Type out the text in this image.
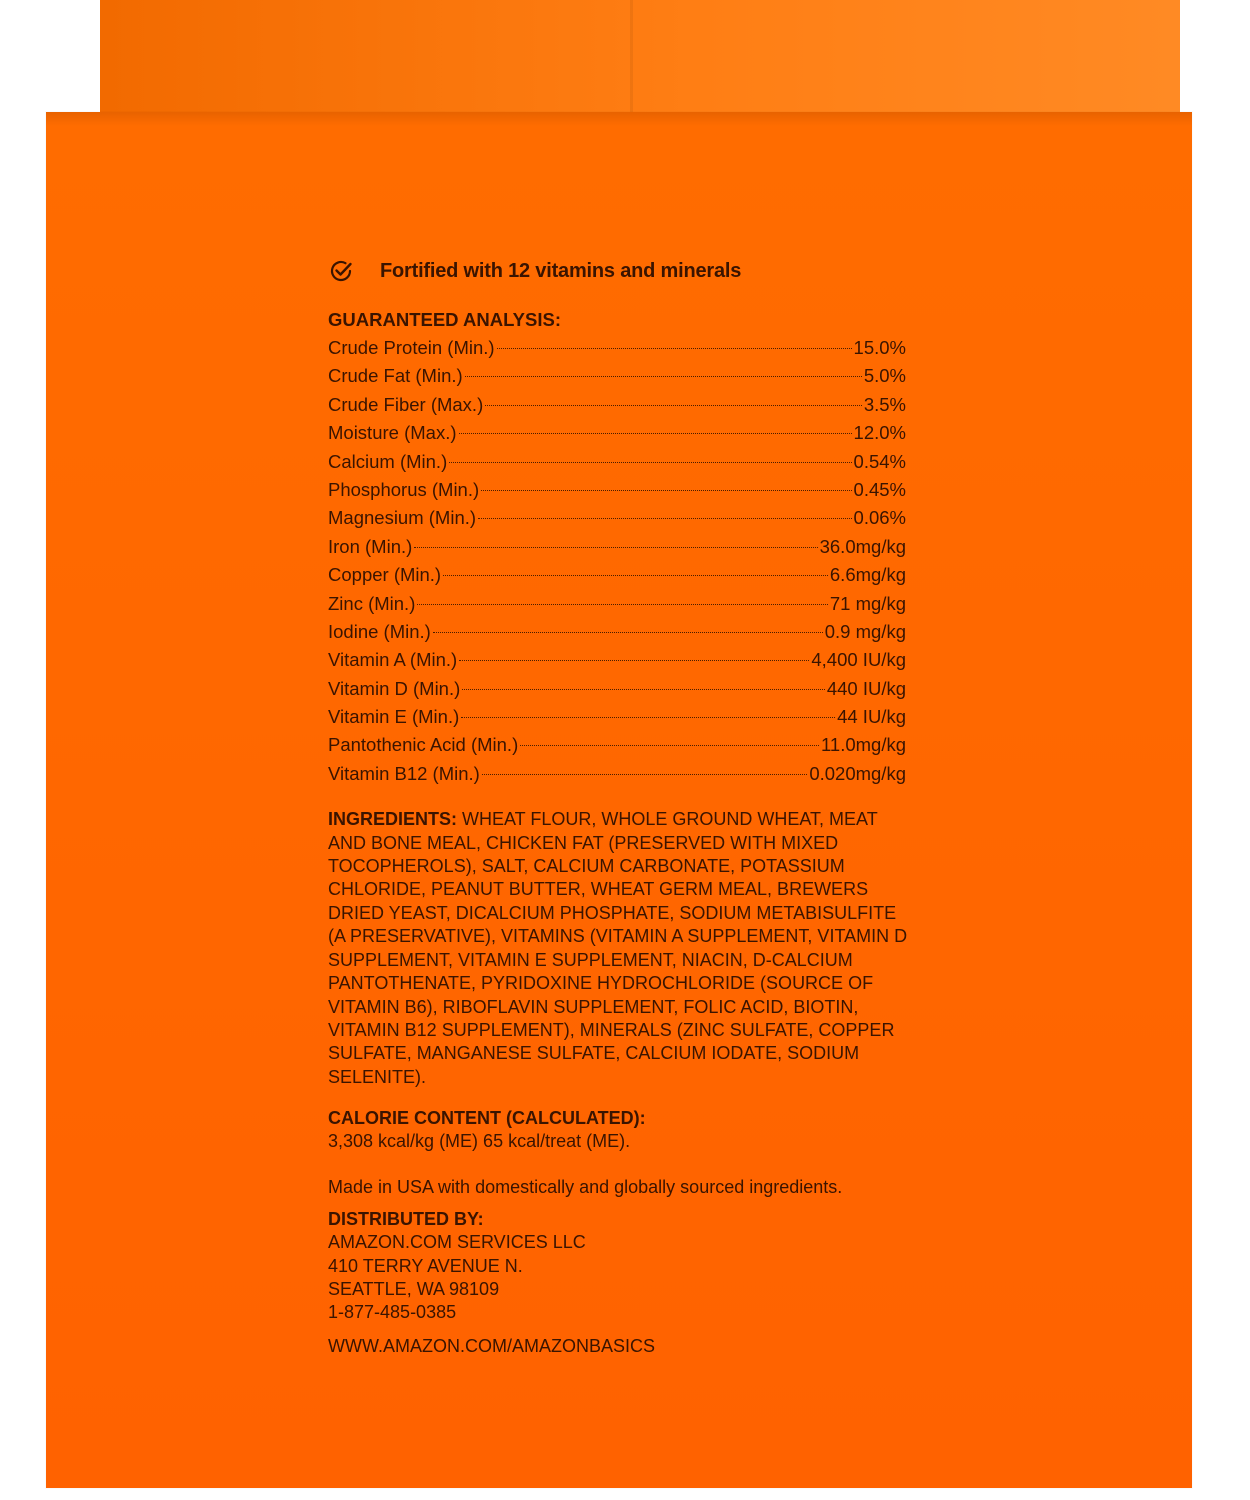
Fortified with 12 vitamins and minerals
GUARANTEED ANALYSIS:
Crude Protein (Min.)	15.0%
Crude Fat (Min.)	5.0%
Crude Fiber (Max.)	3.5%
Moisture (Max.)	12.0%
Calcium (Min.)	0.54%
Phosphorus (Min.)	0.45%
Magnesium (Min.)	0.06%
Iron (Min.)	36.0mg/kg
Copper (Min.)	6.6mg/kg
Zinc (Min.)	71 mg/kg
Iodine (Min.)	0.9 mg/kg
Vitamin A (Min.)	4,400 IU/kg
Vitamin D (Min.)	440 IU/kg
Vitamin E (Min.)	44 IU/kg
Pantothenic Acid (Min.)	11.0mg/kg
Vitamin B12 (Min.)	0.020mg/kg
INGREDIENTS: WHEAT FLOUR, WHOLE GROUND WHEAT, MEAT AND BONE MEAL, CHICKEN FAT (PRESERVED WITH MIXED TOCOPHEROLS), SALT, CALCIUM CARBONATE, POTASSIUM CHLORIDE, PEANUT BUTTER, WHEAT GERM MEAL, BREWERS DRIED YEAST, DICALCIUM PHOSPHATE, SODIUM METABISULFITE (A PRESERVATIVE), VITAMINS (VITAMIN A SUPPLEMENT, VITAMIN D SUPPLEMENT, VITAMIN E SUPPLEMENT, NIACIN, D-CALCIUM PANTOTHENATE, PYRIDOXINE HYDROCHLORIDE (SOURCE OF VITAMIN B6), RIBOFLAVIN SUPPLEMENT, FOLIC ACID, BIOTIN, VITAMIN B12 SUPPLEMENT), MINERALS (ZINC SULFATE, COPPER SULFATE, MANGANESE SULFATE, CALCIUM IODATE, SODIUM SELENITE).
CALORIE CONTENT (CALCULATED):
3,308 kcal/kg (ME) 65 kcal/treat (ME).
Made in USA with domestically and globally sourced ingredients.
DISTRIBUTED BY:
AMAZON.COM SERVICES LLC
410 TERRY AVENUE N.
SEATTLE, WA 98109
1-877-485-0385
WWW.AMAZON.COM/AMAZONBASICS
